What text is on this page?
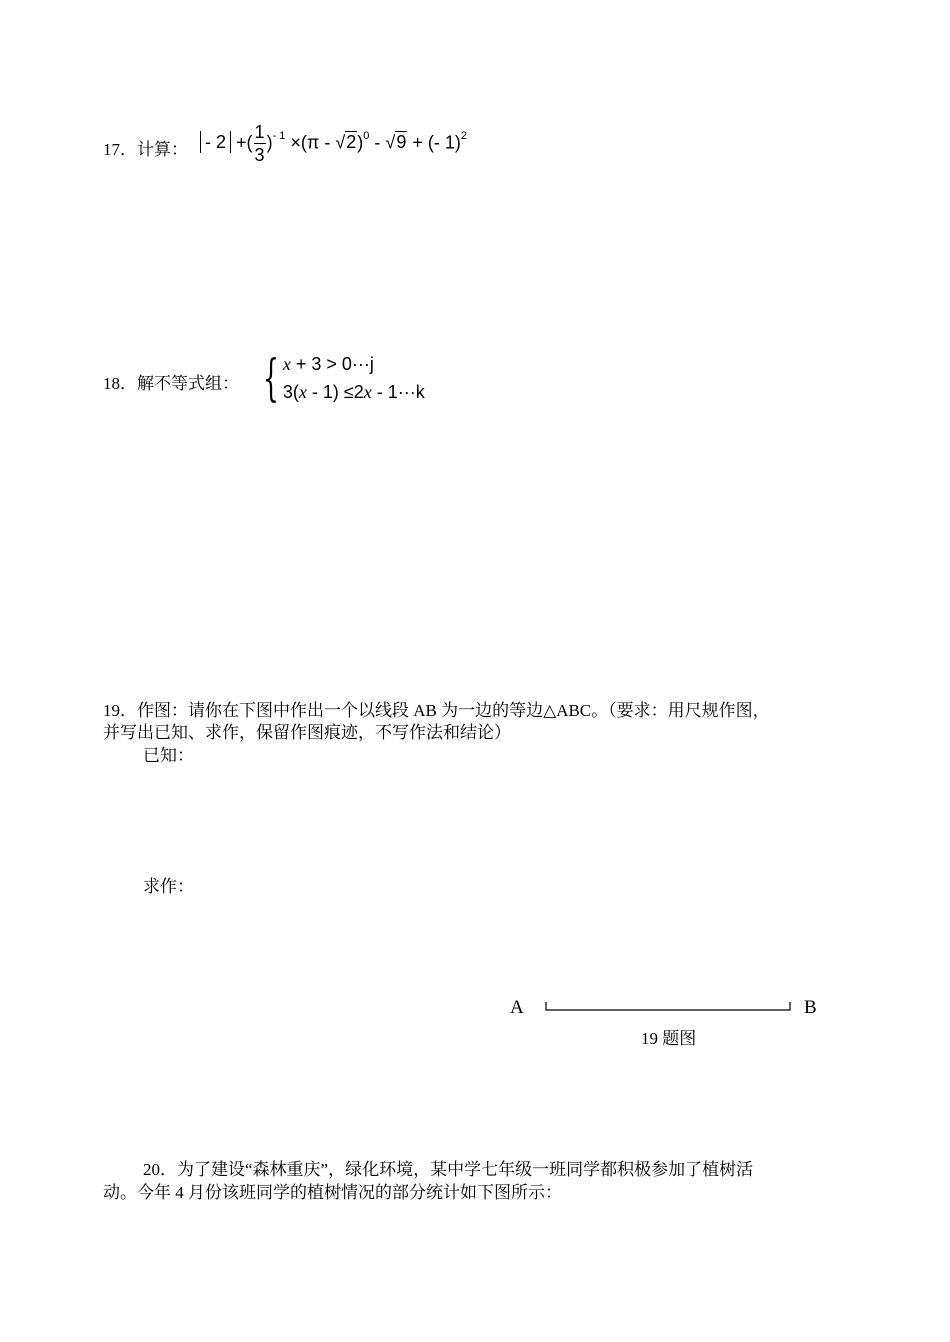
17．计算： - 2 +( $\frac{1}{3} )^{- 1} \times(\pi - √2)^0 - √9$ + (- 1)$^2$
18．解不等式组： { x + 3 > 0···j
3(x - 1) ≤2x - 1···k
19．作图：请你在下图中作出一个以线段 AB 为一边的等边△ABC。（要求：用尺规作图，
并写出已知、求作，保留作图痕迹，不写作法和结论）
已知：
求作：
A	B
19 题图
20．为了建设“森林重庆”，绿化环境，某中学七年级一班同学都积极参加了植树活
动。今年 4 月份该班同学的植树情况的部分统计如下图所示：
